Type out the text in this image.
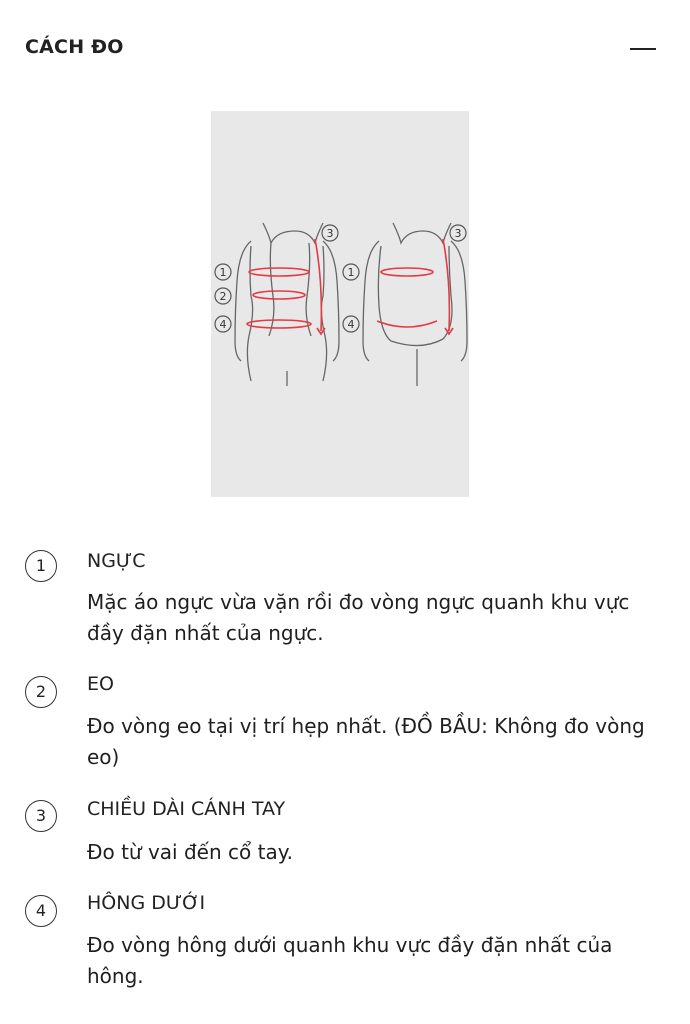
CÁCH ĐO
1
2
3
4
1
3
4
1	NGỰC
Mặc áo ngực vừa vặn rồi đo vòng ngực quanh khu vực đầy đặn nhất của ngực.
2	EO
Đo vòng eo tại vị trí hẹp nhất. (ĐỒ BẦU: Không đo vòng eo)
3	CHIỀU DÀI CÁNH TAY
Đo từ vai đến cổ tay.
4	HÔNG DƯỚI
Đo vòng hông dưới quanh khu vực đầy đặn nhất của hông.
